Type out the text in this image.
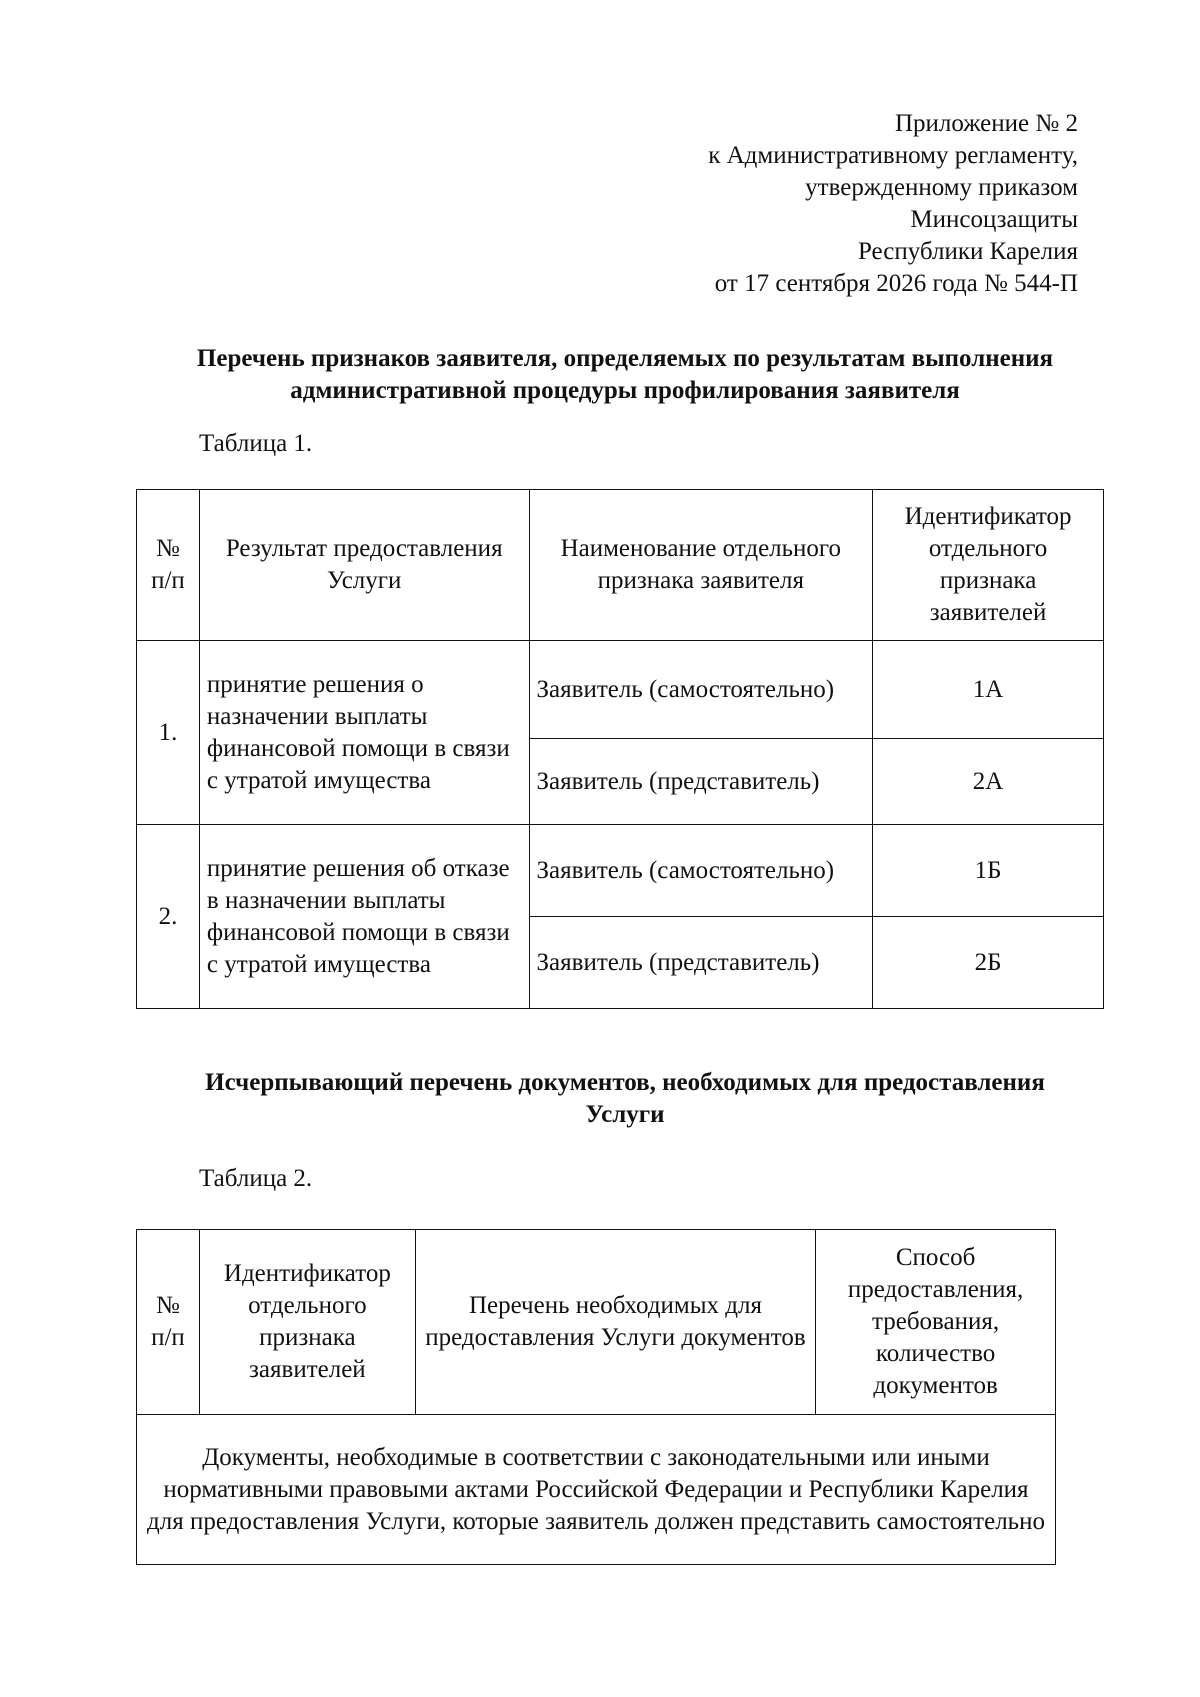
Приложение № 2
к Административному регламенту,
утвержденному приказом
Минсоцзащиты
Республики Карелия
от 17 сентября 2026 года № 544-П
Перечень признаков заявителя, определяемых по результатам выполнения
административной процедуры профилирования заявителя
Таблица 1.
№ п/п	Результат предоставления Услуги	Наименование отдельного признака заявителя	Идентификатор отдельного признака заявителей
1.	принятие решения о назначении выплаты финансовой помощи в связи с утратой имущества	Заявитель (самостоятельно)	1А
		Заявитель (представитель)	2А
2.	принятие решения об отказе в назначении выплаты финансовой помощи в связи с утратой имущества	Заявитель (самостоятельно)	1Б
		Заявитель (представитель)	2Б
Исчерпывающий перечень документов, необходимых для предоставления
Услуги
Таблица 2.
№ п/п	Идентификатор отдельного признака заявителей	Перечень необходимых для предоставления Услуги документов	Способ предоставления, требования, количество документов
Документы, необходимые в соответствии с законодательными или иными нормативными правовыми актами Российской Федерации и Республики Карелия для предоставления Услуги, которые заявитель должен представить самостоятельно
